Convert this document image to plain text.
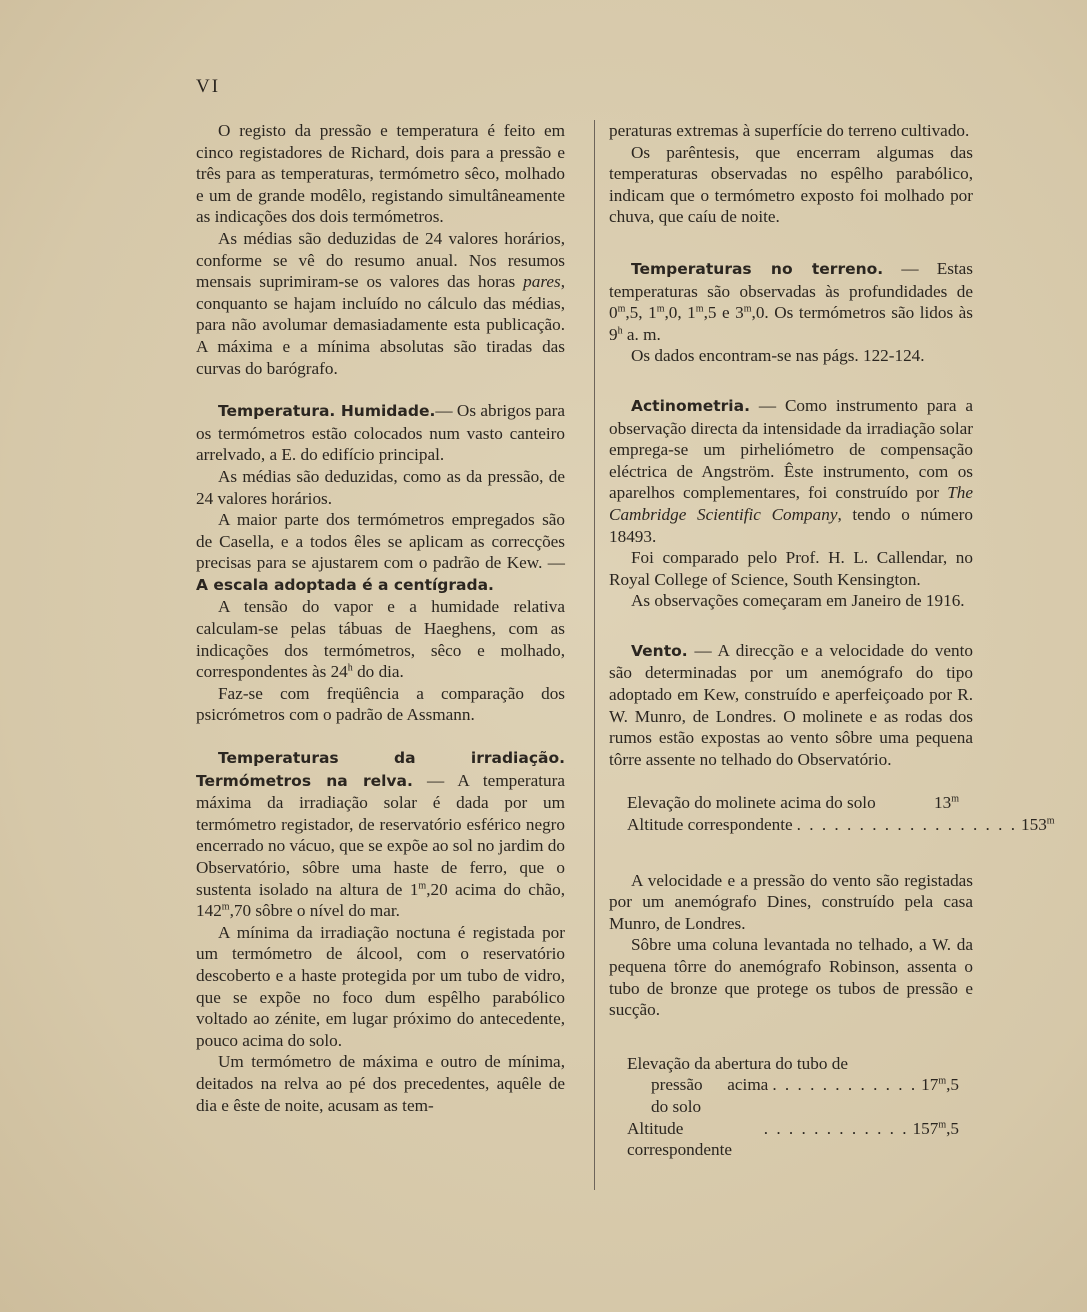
VI

O registo da pressão e temperatura é feito em cinco registadores de Richard, dois para a pressão e três para as temperaturas, termómetro sêco, molhado e um de grande modêlo, registando simultâneamente as indicações dos dois termómetros.

As médias são deduzidas de 24 valores horários, conforme se vê do resumo anual. Nos resumos mensais suprimiram-se os valores das horas pares, conquanto se hajam incluído no cálculo das médias, para não avolumar demasiadamente esta publicação. A máxima e a mínima absolutas são tiradas das curvas do barógrafo.

Temperatura. Humidade.— Os abrigos para os termómetros estão colocados num vasto canteiro arrelvado, a E. do edifício principal.

As médias são deduzidas, como as da pressão, de 24 valores horários.

A maior parte dos termómetros empregados são de Casella, e a todos êles se aplicam as correcções precisas para se ajustarem com o padrão de Kew. — A escala adoptada é a centígrada.

A tensão do vapor e a humidade relativa calculam-se pelas tábuas de Haeghens, com as indicações dos termómetros, sêco e molhado, correspondentes às 24$^h$ do dia.

Faz-se com freqüência a comparação dos psicrómetros com o padrão de Assmann.

Temperaturas da irradiação. Termómetros na relva. — A temperatura máxima da irradiação solar é dada por um termómetro registador, de reservatório esférico negro encerrado no vácuo, que se expõe ao sol no jardim do Observatório, sôbre uma haste de ferro, que o sustenta isolado na altura de 1$^m$,20 acima do chão, 142$^m$,70 sôbre o nível do mar.

A mínima da irradiação noctuna é registada por um termómetro de álcool, com o reservatório descoberto e a haste protegida por um tubo de vidro, que se expõe no foco dum espêlho parabólico voltado ao zénite, em lugar próximo do antecedente, pouco acima do solo.

Um termómetro de máxima e outro de mínima, deitados na relva ao pé dos precedentes, aquêle de dia e êste de noite, acusam as tem-

peraturas extremas à superfície do terreno cultivado.

Os parêntesis, que encerram algumas das temperaturas observadas no espêlho parabólico, indicam que o termómetro exposto foi molhado por chuva, que caíu de noite.

Temperaturas no terreno. — Estas temperaturas são observadas às profundidades de 0$^m$,5, 1$^m$,0, 1$^m$,5 e 3$^m$,0. Os termómetros são lidos às 9$^h$ a. m.

Os dados encontram-se nas págs. 122-124.

Actinometria. — Como instrumento para a observação directa da intensidade da irradiação solar emprega-se um pirheliómetro de compensação eléctrica de Angström. Êste instrumento, com os aparelhos complementares, foi construído por The Cambridge Scientific Company, tendo o número 18493.

Foi comparado pelo Prof. H. L. Callendar, no Royal College of Science, South Kensington.

As observações começaram em Janeiro de 1916.

Vento. — A direcção e a velocidade do vento são determinadas por um anemógrafo do tipo adoptado em Kew, construído e aperfeiçoado por R. W. Munro, de Londres. O molinete e as rodas dos rumos estão expostas ao vento sôbre uma pequena tôrre assente no telhado do Observatório.

Elevação do molinete acima do solo	13$^m$
Altitude correspondente . . . . . . . . . . . . . . . . . . 153$^m$

A velocidade e a pressão do vento são registadas por um anemógrafo Dines, construído pela casa Munro, de Londres.

Sôbre uma coluna levantada no telhado, a W. da pequena tôrre do anemógrafo Robinson, assenta o tubo de bronze que protege os tubos de pressão e sucção.

Elevação da abertura do tubo de
pressão acima do solo
. . . . . . . . . . . . 17$^m$,5
Altitude correspondente
. . . . . . . . . . . . 157$^m$,5
